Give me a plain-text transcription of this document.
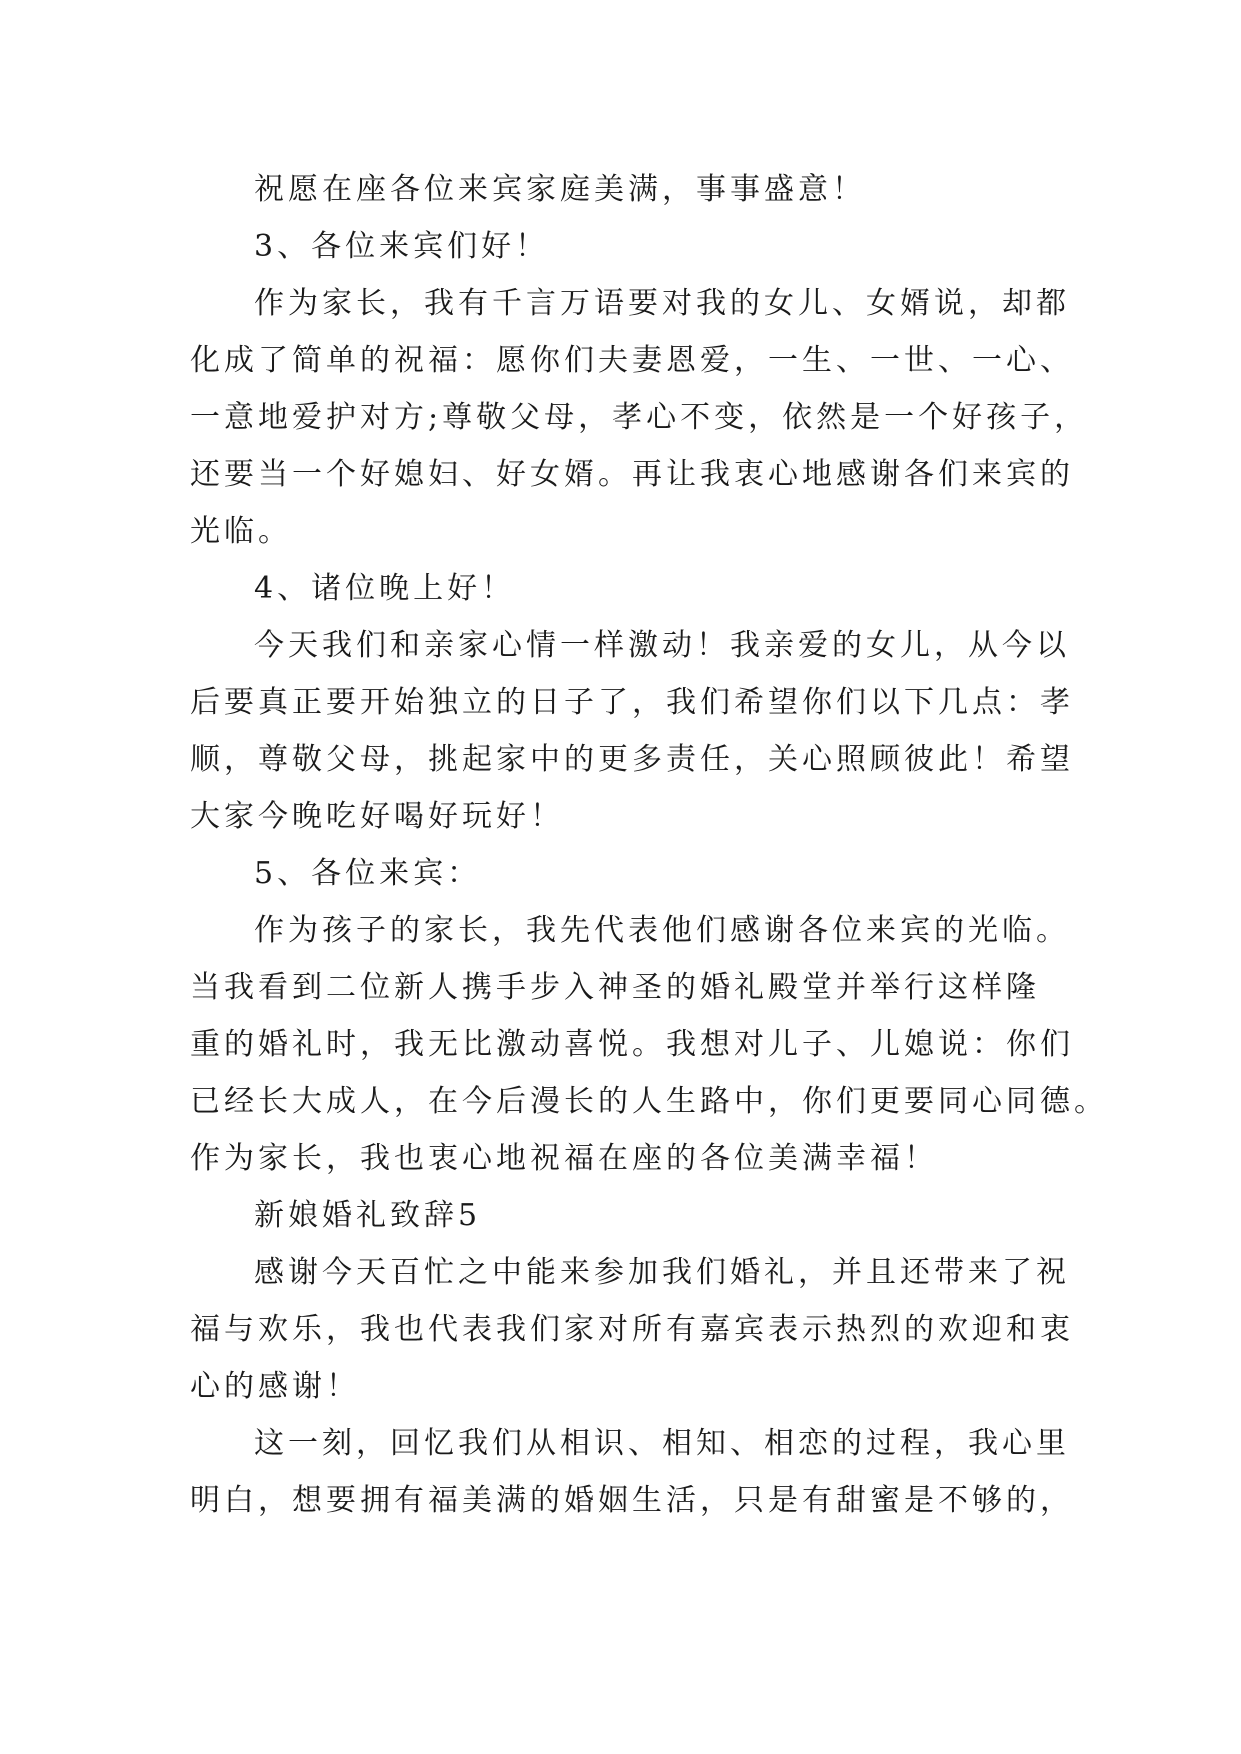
祝愿在座各位来宾家庭美满，事事盛意！

3、各位来宾们好！

作为家长，我有千言万语要对我的女儿、女婿说，却都
化成了简单的祝福：愿你们夫妻恩爱，一生、一世、一心、
一意地爱护对方;尊敬父母，孝心不变，依然是一个好孩子，
还要当一个好媳妇、好女婿。再让我衷心地感谢各们来宾的
光临。

4、诸位晚上好！

今天我们和亲家心情一样激动！我亲爱的女儿，从今以
后要真正要开始独立的日子了，我们希望你们以下几点：孝
顺，尊敬父母，挑起家中的更多责任，关心照顾彼此！希望
大家今晚吃好喝好玩好！

5、各位来宾：

作为孩子的家长，我先代表他们感谢各位来宾的光临。
当我看到二位新人携手步入神圣的婚礼殿堂并举行这样隆
重的婚礼时，我无比激动喜悦。我想对儿子、儿媳说：你们
已经长大成人，在今后漫长的人生路中，你们更要同心同德。
作为家长，我也衷心地祝福在座的各位美满幸福！

新娘婚礼致辞5

感谢今天百忙之中能来参加我们婚礼，并且还带来了祝
福与欢乐，我也代表我们家对所有嘉宾表示热烈的欢迎和衷
心的感谢！

这一刻，回忆我们从相识、相知、相恋的过程，我心里
明白，想要拥有福美满的婚姻生活，只是有甜蜜是不够的，
